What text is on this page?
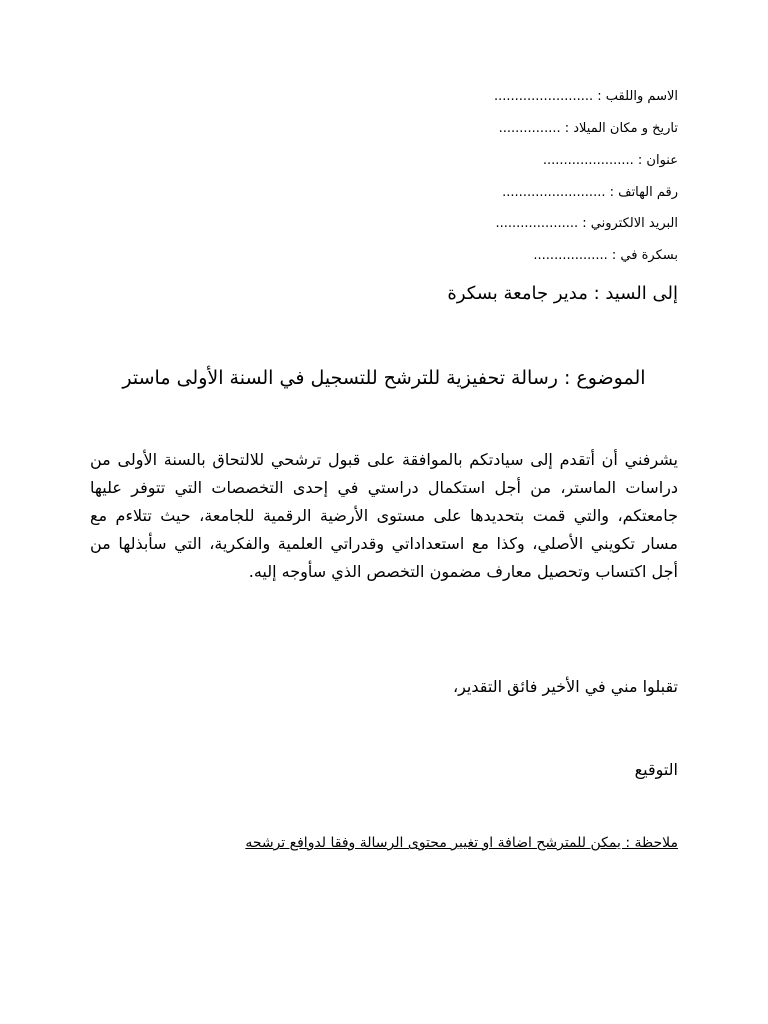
الاسم واللقب : ........................
تاريخ و مكان الميلاد : ...............
عنوان : ......................
رقم الهاتف : .........................
البريد الالكتروني : ....................
بسكرة في : ..................
إلى السيد : مدير جامعة بسكرة
الموضوع : رسالة تحفيزية للترشح للتسجيل في السنة الأولى ماستر
يشرفني أن أتقدم إلى سيادتكم بالموافقة على قبول ترشحي للالتحاق بالسنة الأولى من دراسات الماستر، من أجل استكمال دراستي في إحدى التخصصات التي تتوفر عليها جامعتكم، والتي قمت بتحديدها على مستوى الأرضية الرقمية للجامعة، حيث تتلاءم مع مسار تكويني الأصلي، وكذا مع استعداداتي وقدراتي العلمية والفكرية، التي سأبذلها من أجل اكتساب وتحصيل معارف مضمون التخصص الذي سأوجه إليه.
تقبلوا مني في الأخير فائق التقدير،
التوقيع
ملاحظة : يمكن للمترشح اضافة او تغيير محتوى الرسالة وفقا لدوافع ترشحه
